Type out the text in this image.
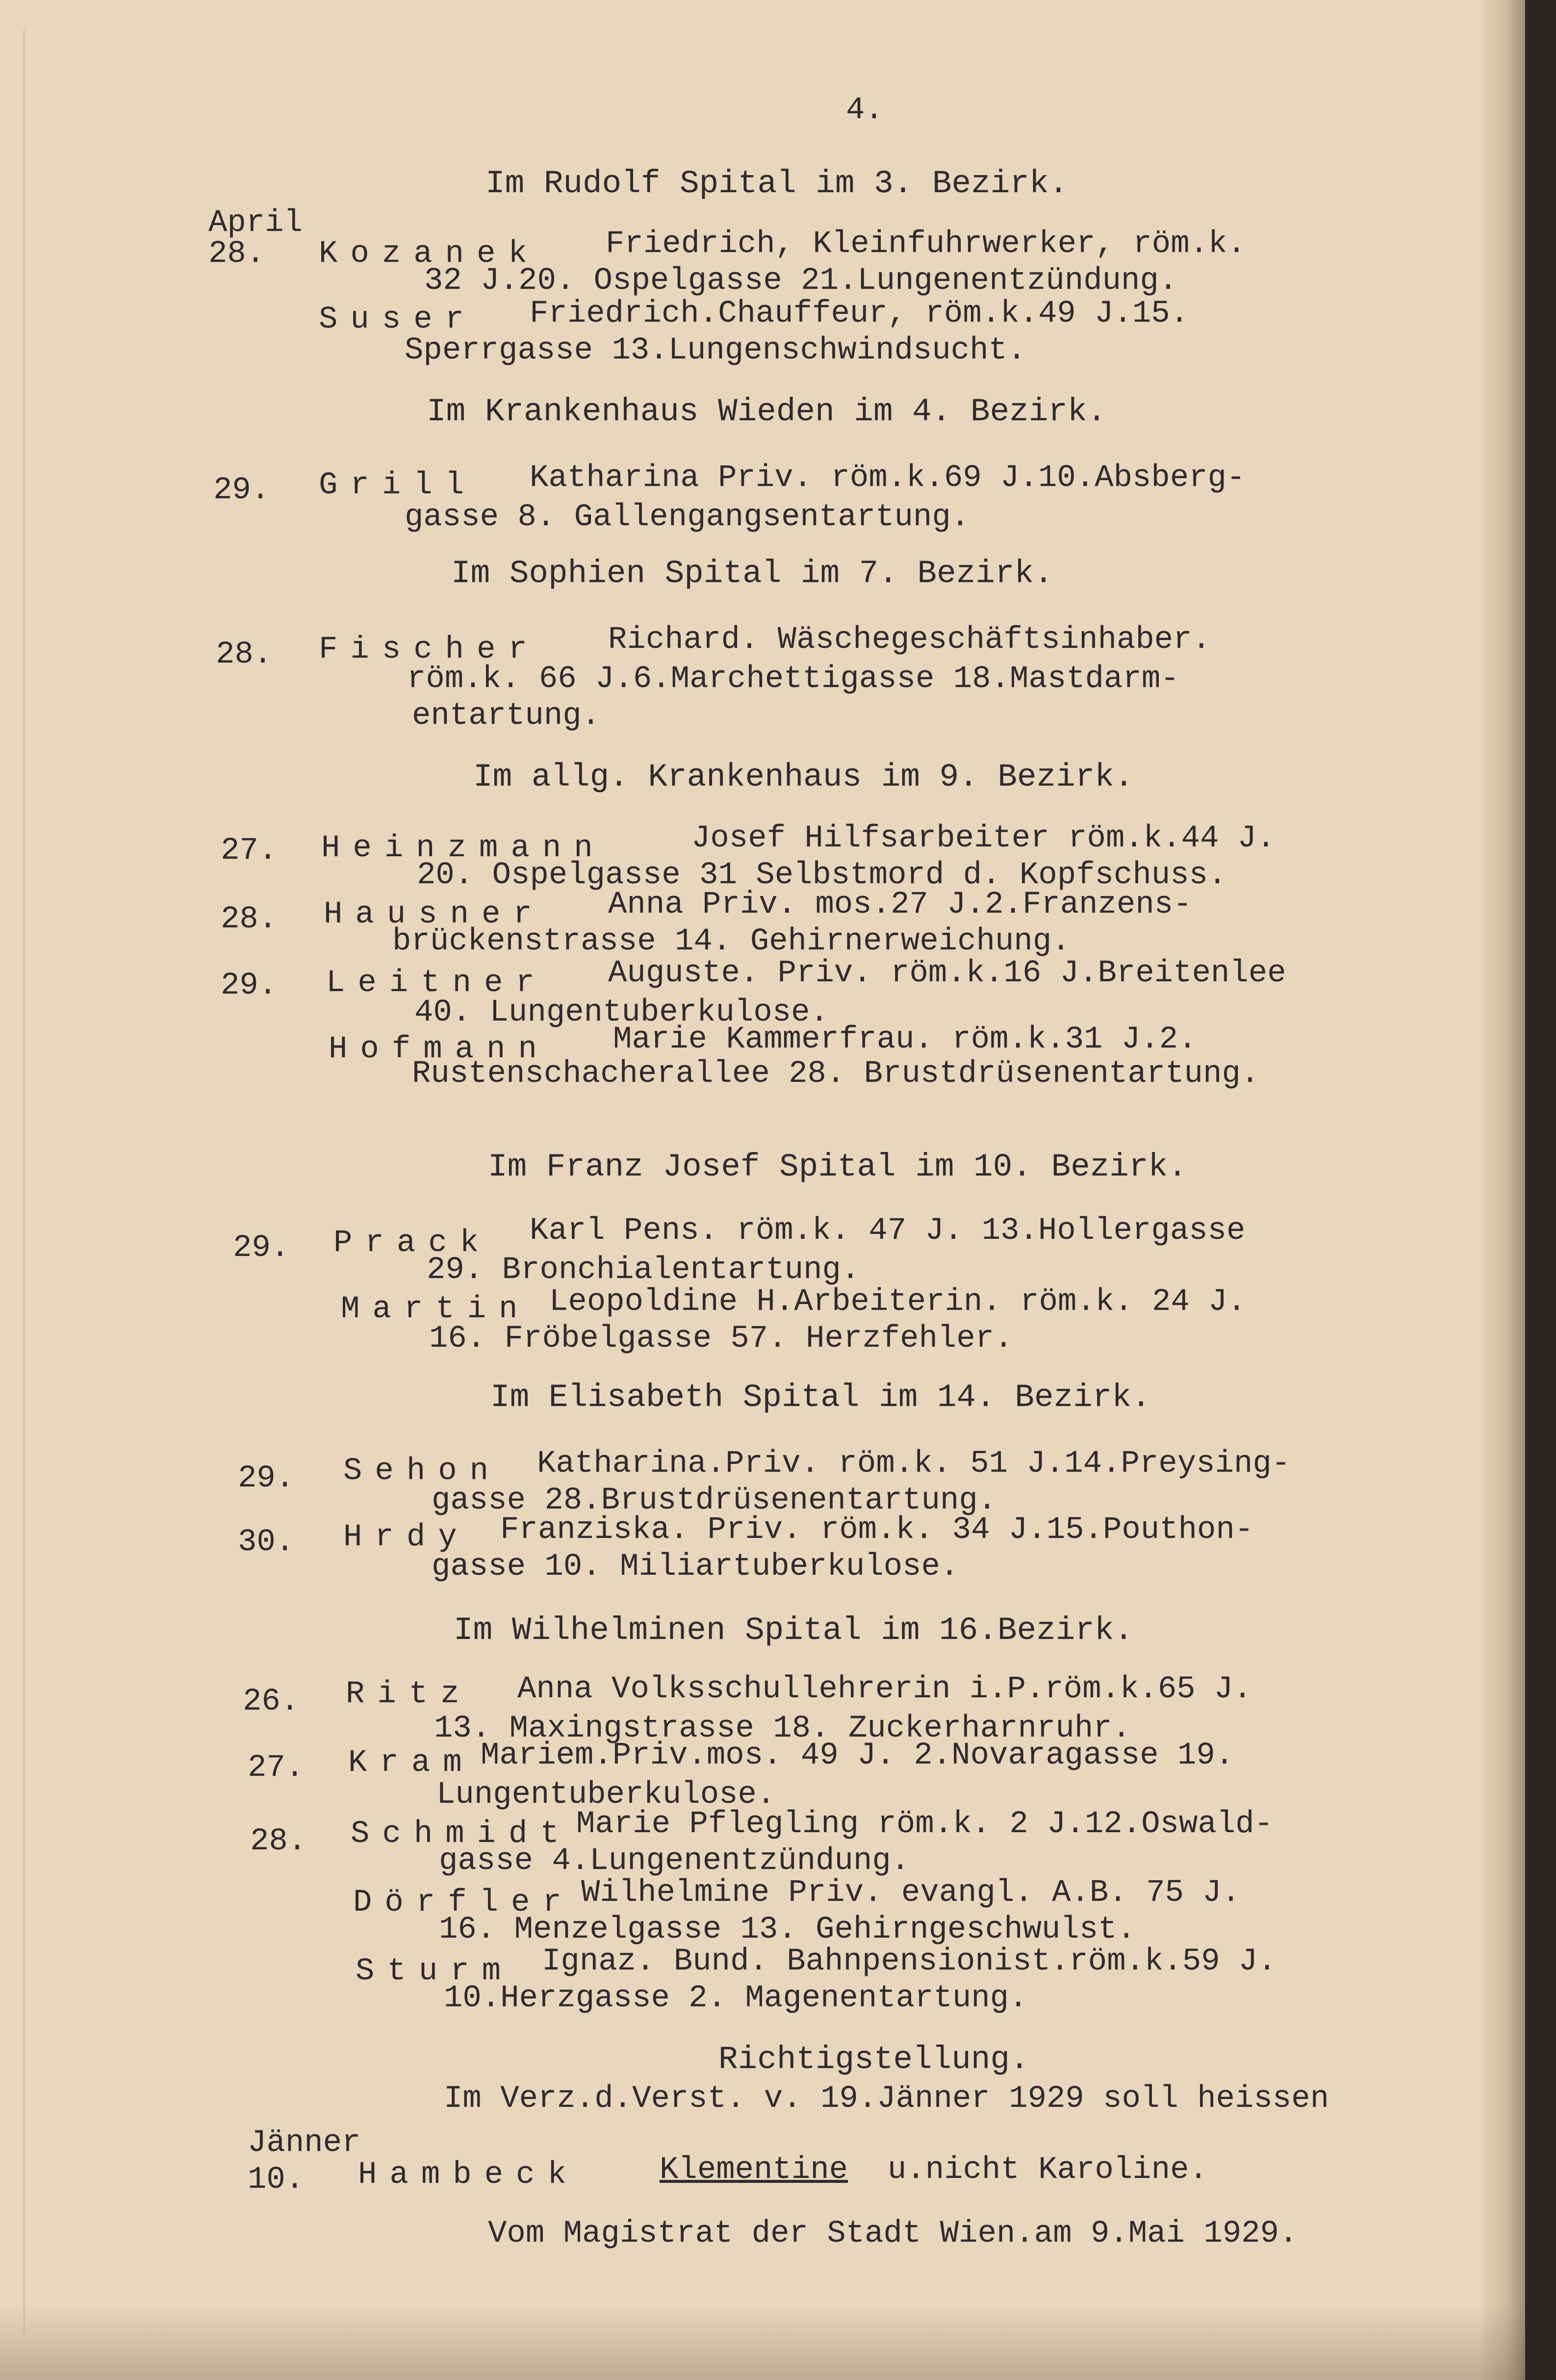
4.
Im Rudolf Spital im 3. Bezirk.
April
28. Kozanek Friedrich, Kleinfuhrwerker, röm.k.
32 J.20. Ospelgasse 21.Lungenentzündung.
Suser Friedrich.Chauffeur, röm.k.49 J.15.
Sperrgasse 13.Lungenschwindsucht.
Im Krankenhaus Wieden im 4. Bezirk.
29. Grill Katharina Priv. röm.k.69 J.10.Absberg-
gasse 8. Gallengangsentartung.
Im Sophien Spital im 7. Bezirk.
28. Fischer Richard. Wäschegeschäftsinhaber.
röm.k. 66 J.6.Marchettigasse 18.Mastdarm-
entartung.
Im allg. Krankenhaus im 9. Bezirk.
27. Heinzmann	Josef Hilfsarbeiter röm.k.44 J.
20. Ospelgasse 31 Selbstmord d. Kopfschuss.
28. Hausner Anna Priv. mos.27 J.2.Franzens-
brückenstrasse 14. Gehirnerweichung.
29. Leitner Auguste. Priv. röm.k.16 J.Breitenlee
40. Lungentuberkulose.
Hofmann Marie Kammerfrau. röm.k.31 J.2.
Rustenschacherallee 28. Brustdrüsenentartung.
Im Franz Josef Spital im 10. Bezirk.
29. Prack Karl Pens. röm.k. 47 J. 13.Hollergasse
29. Bronchialentartung.
Martin Leopoldine H.Arbeiterin. röm.k. 24 J.
16. Fröbelgasse 57. Herzfehler.
Im Elisabeth Spital im 14. Bezirk.
29. Sehon Katharina.Priv. röm.k. 51 J.14.Preysing-
gasse 28.Brustdrüsenentartung.
30. Hrdy Franziska. Priv. röm.k. 34 J.15.Pouthon-
gasse 10. Miliartuberkulose.
Im Wilhelminen Spital im 16.Bezirk.
26. Ritz Anna Volksschullehrerin i.P.röm.k.65 J.
13. Maxingstrasse 18. Zuckerharnruhr.
27. Kram Mariem.Priv.mos. 49 J. 2.Novaragasse 19.
Lungentuberkulose.
28. Schmidt Marie Pflegling röm.k. 2 J.12.Oswald-
gasse 4.Lungenentzündung.
Dörfler Wilhelmine Priv. evangl. A.B. 75 J.
16. Menzelgasse 13. Gehirngeschwulst.
Sturm Ignaz. Bund. Bahnpensionist.röm.k.59 J.
10.Herzgasse 2. Magenentartung.
Richtigstellung.
Im Verz.d.Verst. v. 19.Jänner 1929 soll heissen
Jänner
10. Hambeck	Klementine u.nicht Karoline.
Vom Magistrat der Stadt Wien.am 9.Mai 1929.
